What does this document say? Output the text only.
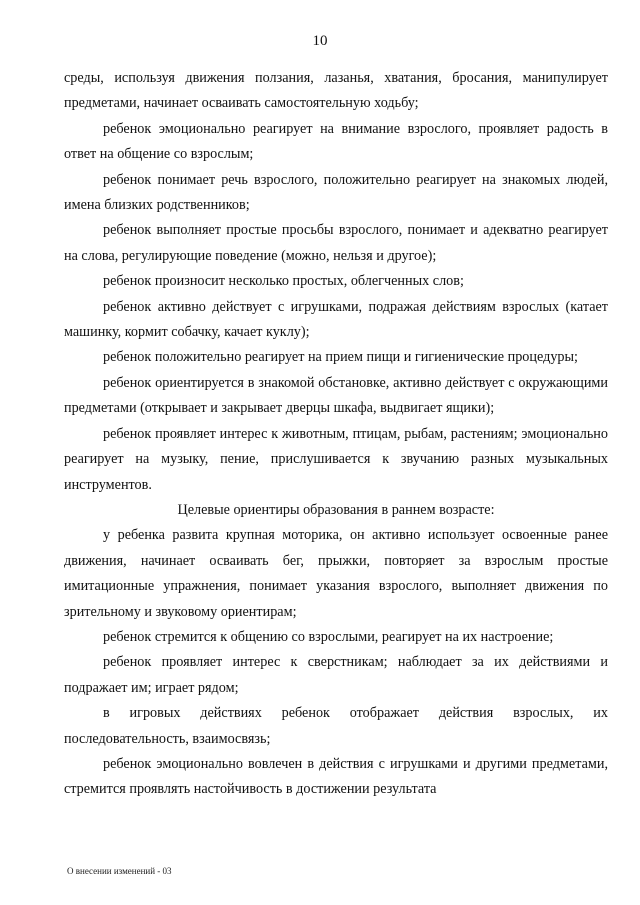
10

среды, используя движения ползания, лазанья, хватания, бросания, манипулирует предметами, начинает осваивать самостоятельную ходьбу;

ребенок эмоционально реагирует на внимание взрослого, проявляет радость в ответ на общение со взрослым;

ребенок понимает речь взрослого, положительно реагирует на знакомых людей, имена близких родственников;

ребенок выполняет простые просьбы взрослого, понимает и адекватно реагирует на слова, регулирующие поведение (можно, нельзя и другое);

ребенок произносит несколько простых, облегченных слов;

ребенок активно действует с игрушками, подражая действиям взрослых (катает машинку, кормит собачку, качает куклу);

ребенок положительно реагирует на прием пищи и гигиенические процедуры;

ребенок ориентируется в знакомой обстановке, активно действует с окружающими предметами (открывает и закрывает дверцы шкафа, выдвигает ящики);

ребенок проявляет интерес к животным, птицам, рыбам, растениям; эмоционально реагирует на музыку, пение, прислушивается к звучанию разных музыкальных инструментов.

Целевые ориентиры образования в раннем возрасте:

у ребенка развита крупная моторика, он активно использует освоенные ранее движения, начинает осваивать бег, прыжки, повторяет за взрослым простые имитационные упражнения, понимает указания взрослого, выполняет движения по зрительному и звуковому ориентирам;

ребенок стремится к общению со взрослыми, реагирует на их настроение;

ребенок проявляет интерес к сверстникам; наблюдает за их действиями и подражает им; играет рядом;

в игровых действиях ребенок отображает действия взрослых, их последовательность, взаимосвязь;

ребенок эмоционально вовлечен в действия с игрушками и другими предметами, стремится проявлять настойчивость в достижении результата

О внесении изменений - 03
